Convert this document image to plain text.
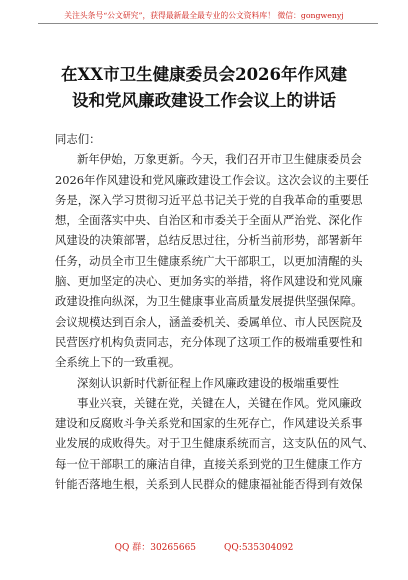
关注头条号“公文研究”，获得最新最全最专业的公文资料库！ 微信：gongwenyj
在XX市卫生健康委员会2026年作风建
设和党风廉政建设工作会议上的讲话
同志们：
新年伊始，万象更新。今天，我们召开市卫生健康委员会
2026年作风建设和党风廉政建设工作会议。这次会议的主要任
务是，深入学习贯彻习近平总书记关于党的自我革命的重要思
想，全面落实中央、自治区和市委关于全面从严治党、深化作
风建设的决策部署，总结反思过往，分析当前形势，部署新年
任务，动员全市卫生健康系统广大干部职工，以更加清醒的头
脑、更加坚定的决心、更加务实的举措，将作风建设和党风廉
政建设推向纵深，为卫生健康事业高质量发展提供坚强保障。
会议规模达到百余人，涵盖委机关、委属单位、市人民医院及
民营医疗机构负责同志，充分体现了这项工作的极端重要性和
全系统上下的一致重视。
深刻认识新时代新征程上作风廉政建设的极端重要性
事业兴衰，关键在党，关键在人，关键在作风。党风廉政
建设和反腐败斗争关系党和国家的生死存亡，作风建设关系事
业发展的成败得失。对于卫生健康系统而言，这支队伍的风气、
每一位干部职工的廉洁自律，直接关系到党的卫生健康工作方
针能否落地生根，关系到人民群众的健康福祉能否得到有效保
QQ 群：30265665	QQ:535304092
